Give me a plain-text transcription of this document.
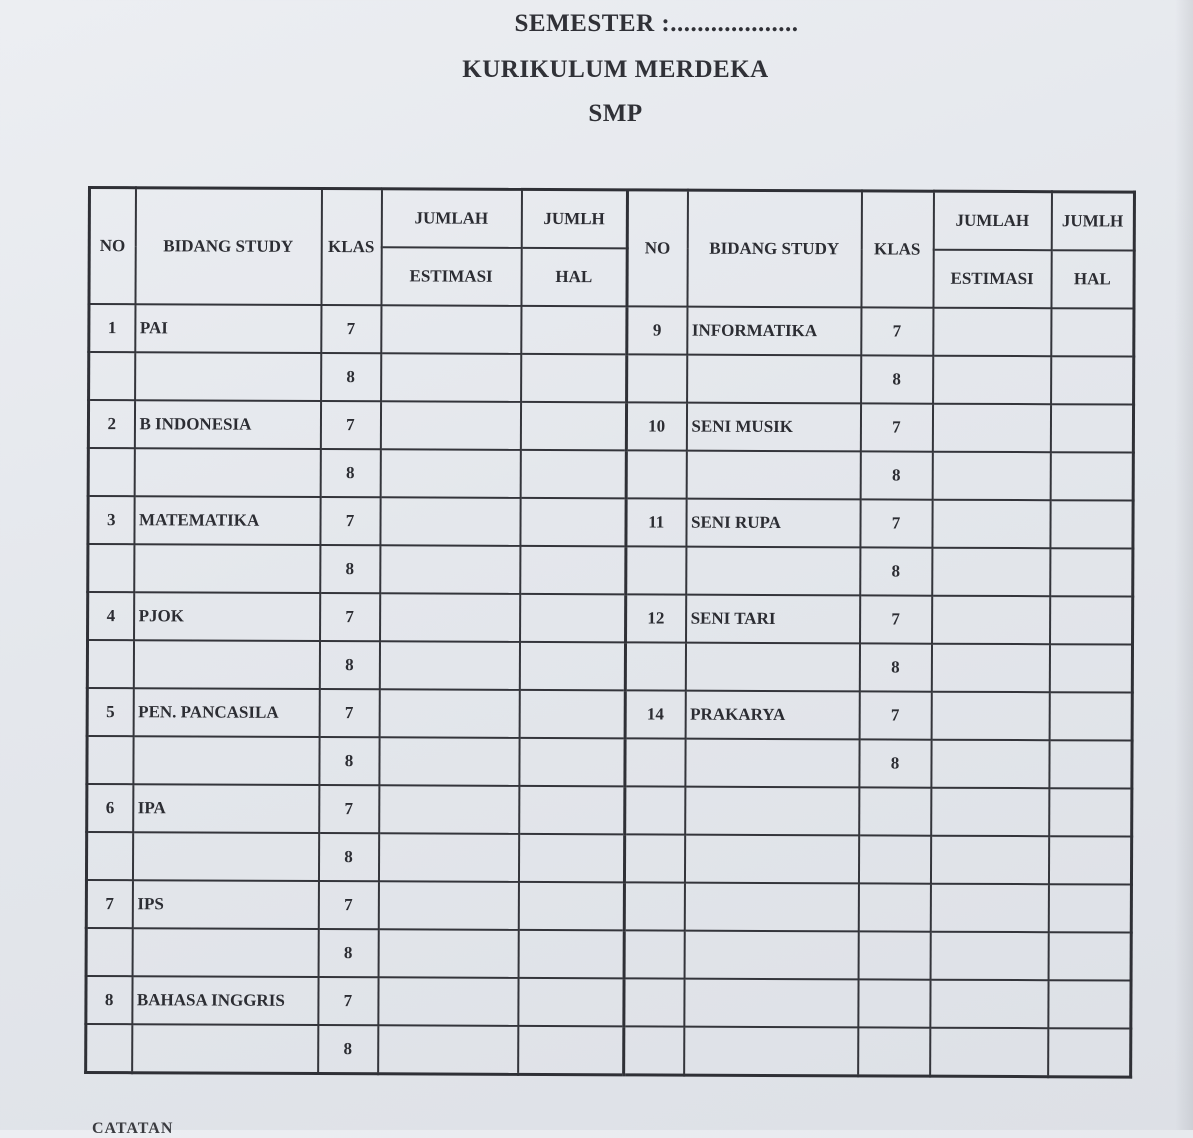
SEMESTER :...................
KURIKULUM MERDEKA
SMP
NO	BIDANG STUDY	KLAS	JUMLAH	JUMLH	NO	BIDANG STUDY	KLAS	JUMLAH	JUMLH
			ESTIMASI	HAL				ESTIMASI	HAL
1	PAI	7			9	INFORMATIKA	7		
		8					8		
2	B INDONESIA	7			10	SENI MUSIK	7		
		8					8		
3	MATEMATIKA	7			11	SENI RUPA	7		
		8					8		
4	PJOK	7			12	SENI TARI	7		
		8					8		
5	PEN. PANCASILA	7			14	PRAKARYA	7		
		8					8		
6	IPA	7							
		8							
7	IPS	7							
		8							
8	BAHASA INGGRIS	7							
		8							
CATATAN
